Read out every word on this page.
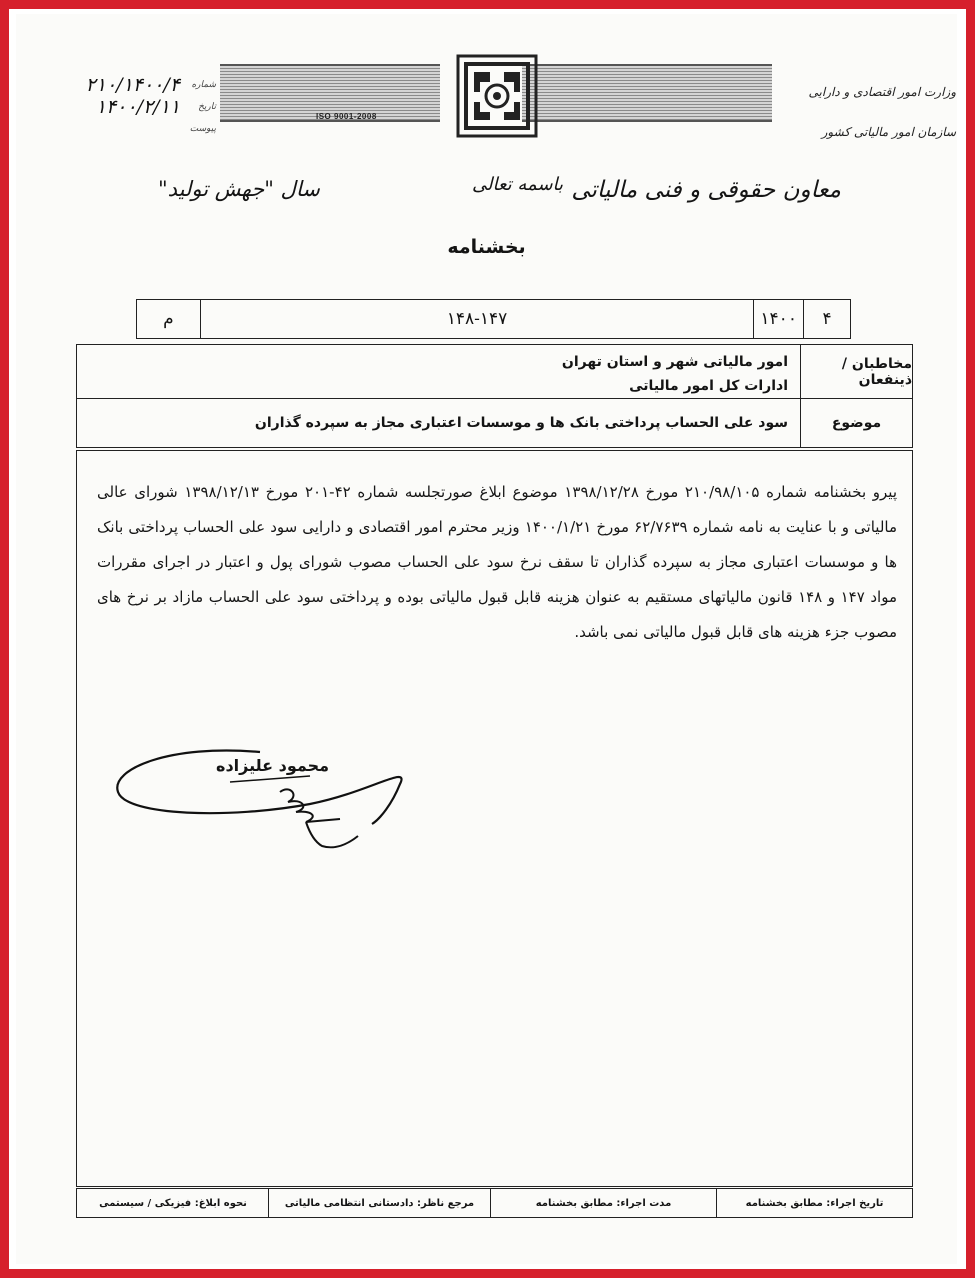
ISO 9001-2008
وزارت امور اقتصادی و دارایی
سازمان امور مالیاتی کشور
شماره
۲۱۰/۱۴۰۰/۴
تاریخ
۱۴۰۰/۲/۱۱
پیوست
معاون حقوقی و فنی مالیاتی
باسمه تعالی
سال "جهش تولید"
بخشنامه
م	۱۴۸-۱۴۷	۱۴۰۰	۴
مخاطبان /ذینفعان
امور مالیاتی شهر و استان تهران
ادارات کل امور مالیاتی
موضوع
سود علی الحساب پرداختی بانک ها و موسسات اعتباری مجاز به سپرده گذاران
پیرو بخشنامه شماره ۲۱۰/۹۸/۱۰۵ مورخ ۱۳۹۸/۱۲/۲۸ موضوع ابلاغ صورتجلسه شماره ۴۲-۲۰۱ مورخ ۱۳۹۸/۱۲/۱۳ شورای عالی مالیاتی و با عنایت به نامه شماره ۶۲/۷۶۳۹ مورخ ۱۴۰۰/۱/۲۱ وزیر محترم امور اقتصادی و دارایی سود علی الحساب پرداختی بانک ها و موسسات اعتباری مجاز به سپرده گذاران تا سقف نرخ سود علی الحساب مصوب شورای پول و اعتبار در اجرای مقررات مواد ۱۴۷ و ۱۴۸ قانون مالیاتهای مستقیم به عنوان هزینه قابل قبول مالیاتی بوده و پرداختی سود علی الحساب مازاد بر نرخ های مصوب جزء هزینه های قابل قبول مالیاتی نمی باشد.
محمود علیزاده
تاریخ اجراء: مطابق بخشنامه
مدت اجراء: مطابق بخشنامه
مرجع ناظر: دادستانی انتظامی مالیاتی
نحوه ابلاغ: فیزیکی / سیستمی
